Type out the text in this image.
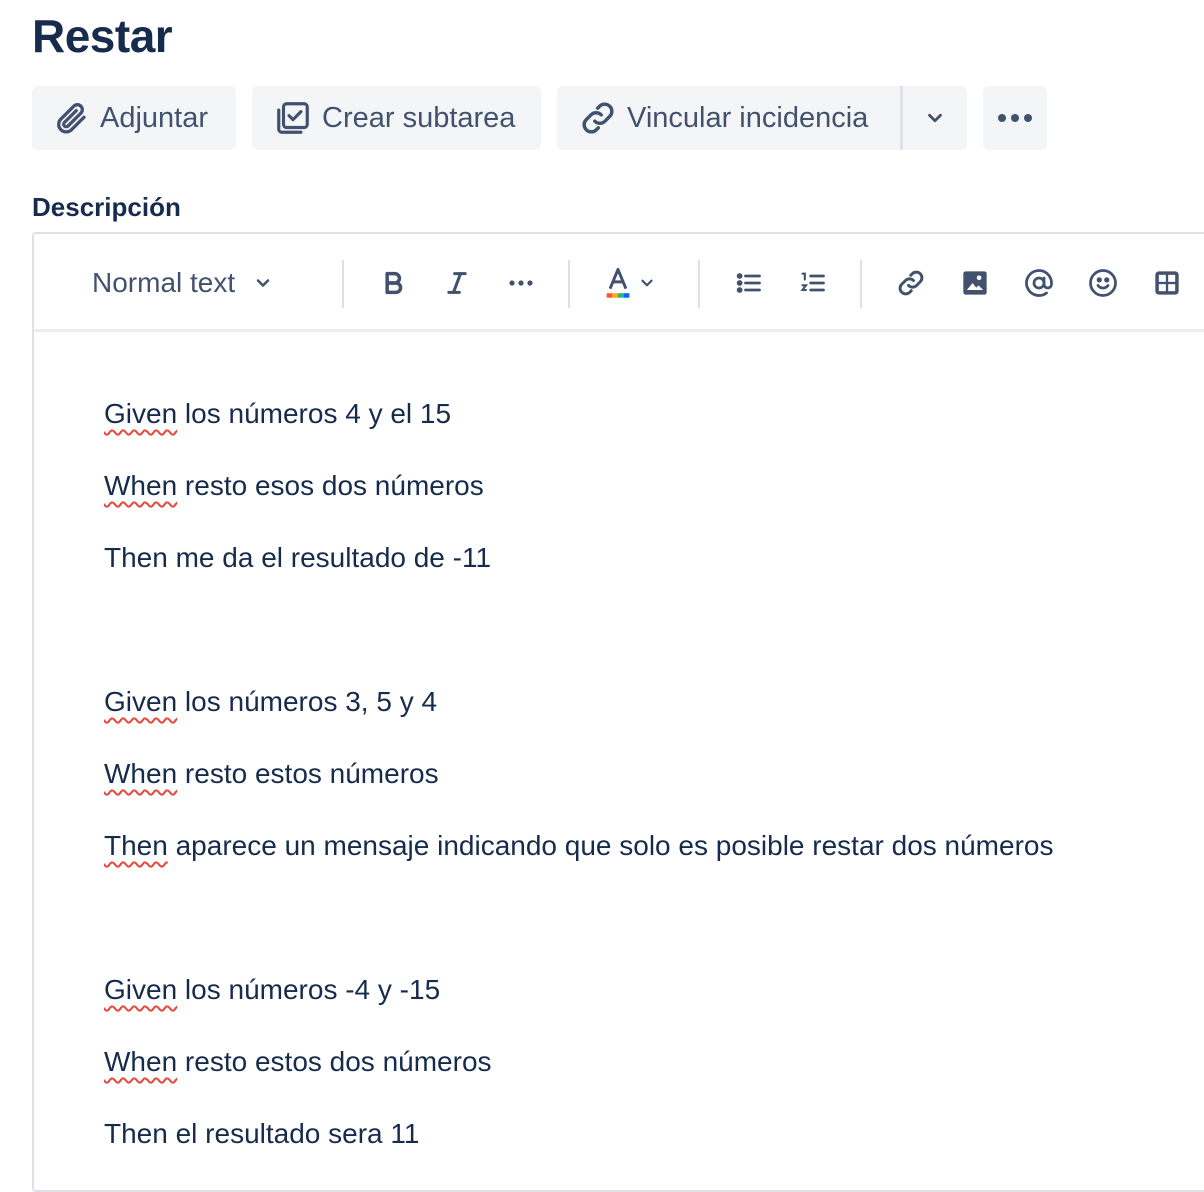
Restar
Adjuntar	Crear subtarea	Vincular incidencia
Descripción
Normal text
Given los números 4 y el 15
When resto esos dos números
Then me da el resultado de -11
Given los números 3, 5 y 4
When resto estos números
Then aparece un mensaje indicando que solo es posible restar dos números
Given los números -4 y -15
When resto estos dos números
Then el resultado sera 11
